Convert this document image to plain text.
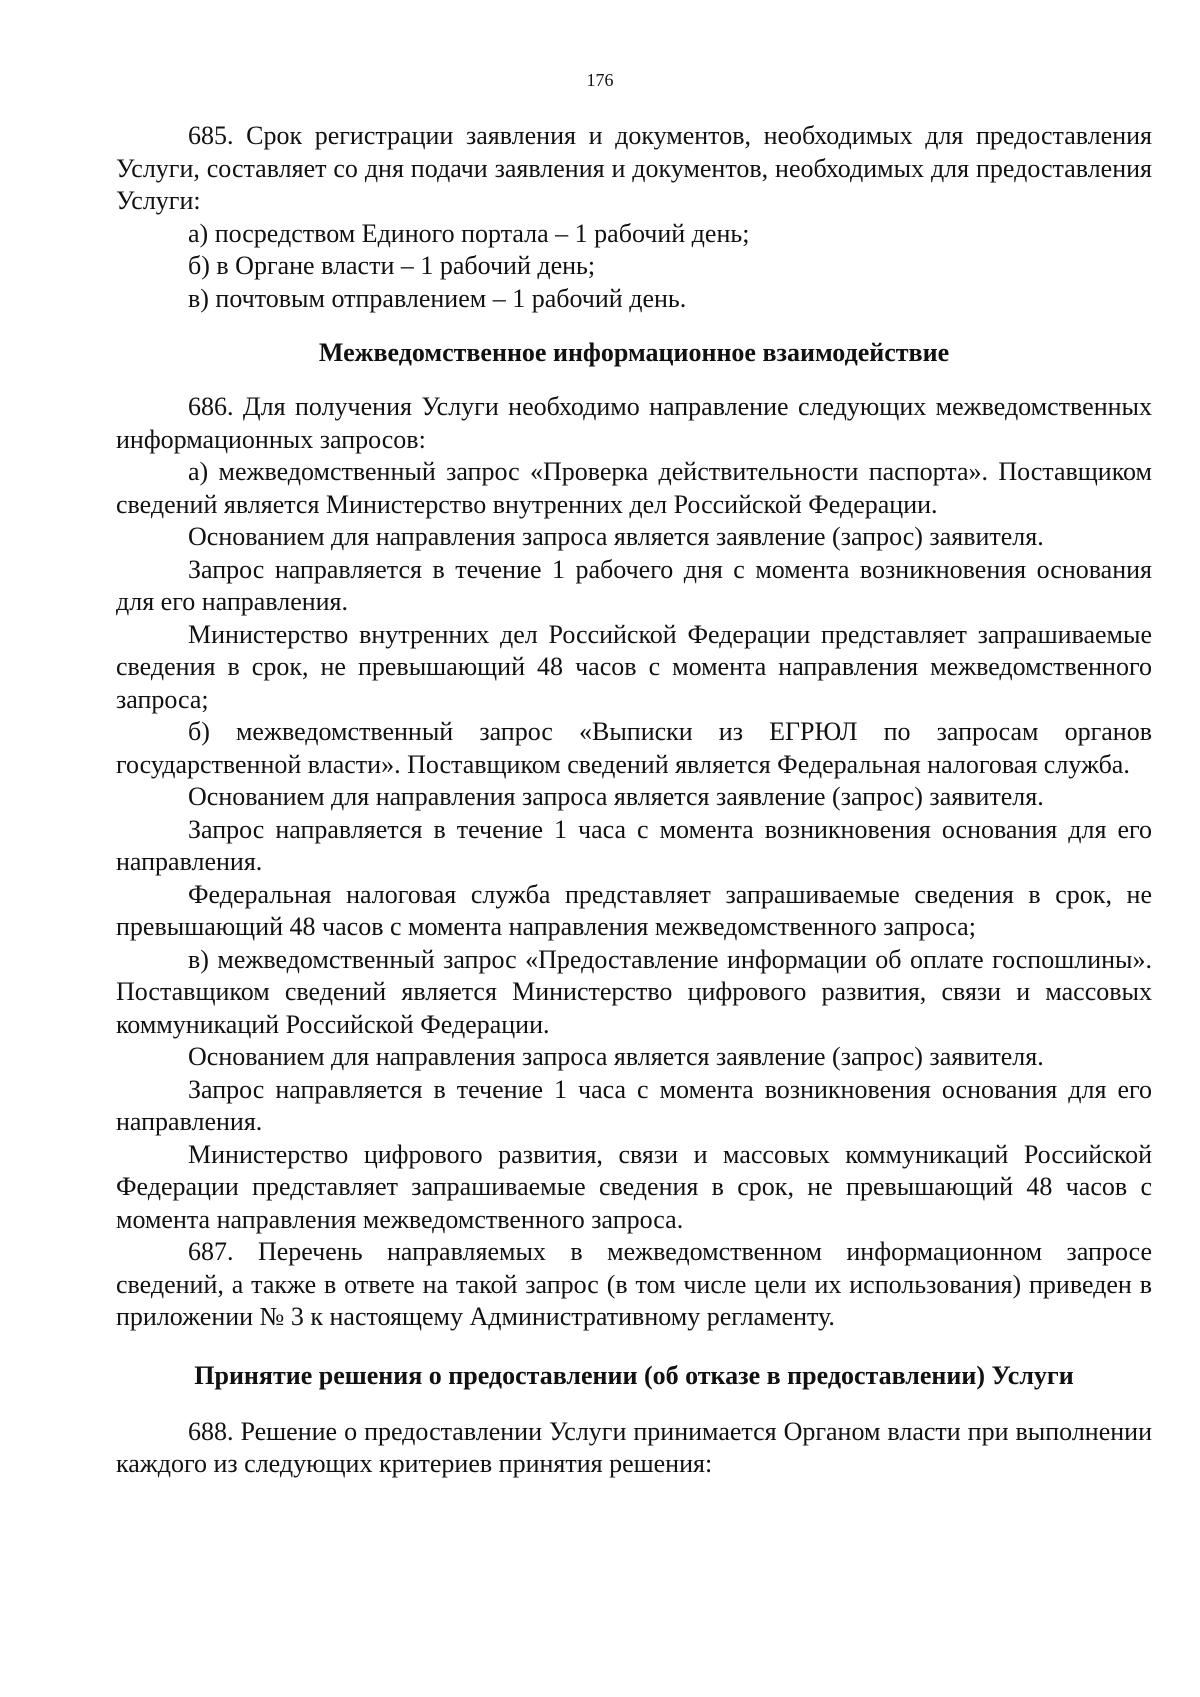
176

685. Срок регистрации заявления и документов, необходимых для предоставления Услуги, составляет со дня подачи заявления и документов, необходимых для предоставления Услуги:

а) посредством Единого портала – 1 рабочий день;

б) в Органе власти – 1 рабочий день;

в) почтовым отправлением – 1 рабочий день.

Межведомственное информационное взаимодействие

686. Для получения Услуги необходимо направление следующих межведомственных информационных запросов:

а) межведомственный запрос «Проверка действительности паспорта». Поставщиком сведений является Министерство внутренних дел Российской Федерации.

Основанием для направления запроса является заявление (запрос) заявителя.

Запрос направляется в течение 1 рабочего дня с момента возникновения основания для его направления.

Министерство внутренних дел Российской Федерации представляет запрашиваемые сведения в срок, не превышающий 48 часов с момента направления межведомственного запроса;

б) межведомственный запрос «Выписки из ЕГРЮЛ по запросам органов государственной власти». Поставщиком сведений является Федеральная налоговая служба.

Основанием для направления запроса является заявление (запрос) заявителя.

Запрос направляется в течение 1 часа с момента возникновения основания для его направления.

Федеральная налоговая служба представляет запрашиваемые сведения в срок, не превышающий 48 часов с момента направления межведомственного запроса;

в) межведомственный запрос «Предоставление информации об оплате госпошлины». Поставщиком сведений является Министерство цифрового развития, связи и массовых коммуникаций Российской Федерации.

Основанием для направления запроса является заявление (запрос) заявителя.

Запрос направляется в течение 1 часа с момента возникновения основания для его направления.

Министерство цифрового развития, связи и массовых коммуникаций Российской Федерации представляет запрашиваемые сведения в срок, не превышающий 48 часов с момента направления межведомственного запроса.

687. Перечень направляемых в межведомственном информационном запросе сведений, а также в ответе на такой запрос (в том числе цели их использования) приведен в приложении № 3 к настоящему Административному регламенту.

Принятие решения о предоставлении (об отказе в предоставлении) Услуги

688. Решение о предоставлении Услуги принимается Органом власти при выполнении каждого из следующих критериев принятия решения:
